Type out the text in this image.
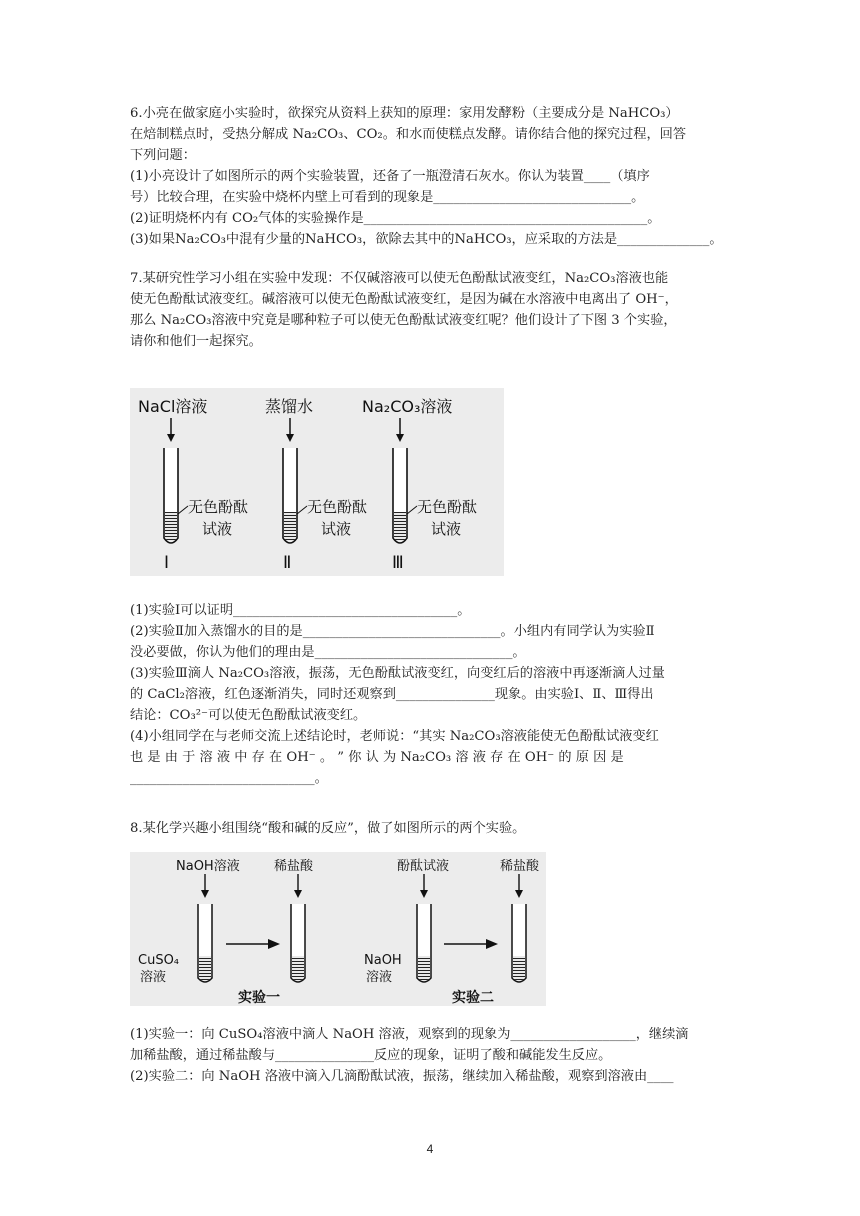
6.小亮在做家庭小实验时，欲探究从资料上获知的原理：家用发酵粉（主要成分是 NaHCO₃）
在焙制糕点时，受热分解成 Na₂CO₃、CO₂。和水而使糕点发酵。请你结合他的探究过程，回答
下列问题：
(1)小亮设计了如图所示的两个实验装置，还备了一瓶澄清石灰水。你认为装置____（填序
号）比较合理，在实验中烧杯内壁上可看到的现象是______________________________。
(2)证明烧杯内有 CO₂气体的实验操作是___________________________________________。
(3)如果Na₂CO₃中混有少量的NaHCO₃，欲除去其中的NaHCO₃，应采取的方法是______________。
7.某研究性学习小组在实验中发现：不仅碱溶液可以使无色酚酞试液变红，Na₂CO₃溶液也能
使无色酚酞试液变红。碱溶液可以使无色酚酞试液变红，是因为碱在水溶液中电离出了 OH⁻，
那么 Na₂CO₃溶液中究竟是哪种粒子可以使无色酚酞试液变红呢？他们设计了下图 3 个实验，
请你和他们一起探究。
NaCl溶液
无色酚酞
试液
Ⅰ
蒸馏水
无色酚酞
试液
Ⅱ
Na₂CO₃溶液
无色酚酞
试液
Ⅲ
(1)实验Ⅰ可以证明__________________________________。
(2)实验Ⅱ加入蒸馏水的目的是______________________________。小组内有同学认为实验Ⅱ
没必要做，你认为他们的理由是______________________________。
(3)实验Ⅲ滴人 Na₂CO₃溶液，振荡，无色酚酞试液变红，向变红后的溶液中再逐渐滴人过量
的 CaCl₂溶液，红色逐渐消失，同时还观察到_______________现象。由实验Ⅰ、Ⅱ、Ⅲ得出
结论：CO₃²⁻可以使无色酚酞试液变红。
(4)小组同学在与老师交流上述结论时，老师说：“其实 Na₂CO₃溶液能使无色酚酞试液变红
也 是 由 于 溶 液 中 存 在 OH⁻ 。 ” 你 认 为 Na₂CO₃ 溶 液 存 在 OH⁻ 的 原 因 是
____________________________。
8.某化学兴趣小组围绕“酸和碱的反应”，做了如图所示的两个实验。
NaOH溶液
CuSO₄
溶液
稀盐酸
实验一
酚酞试液
NaOH
溶液
稀盐酸
实验二
(1)实验一：向 CuSO₄溶液中滴人 NaOH 溶液，观察到的现象为___________________，继续滴
加稀盐酸，通过稀盐酸与_______________反应的现象，证明了酸和碱能发生反应。
(2)实验二：向 NaOH 洛液中滴入几滴酚酞试液，振荡，继续加入稀盐酸，观察到溶液由____
4
